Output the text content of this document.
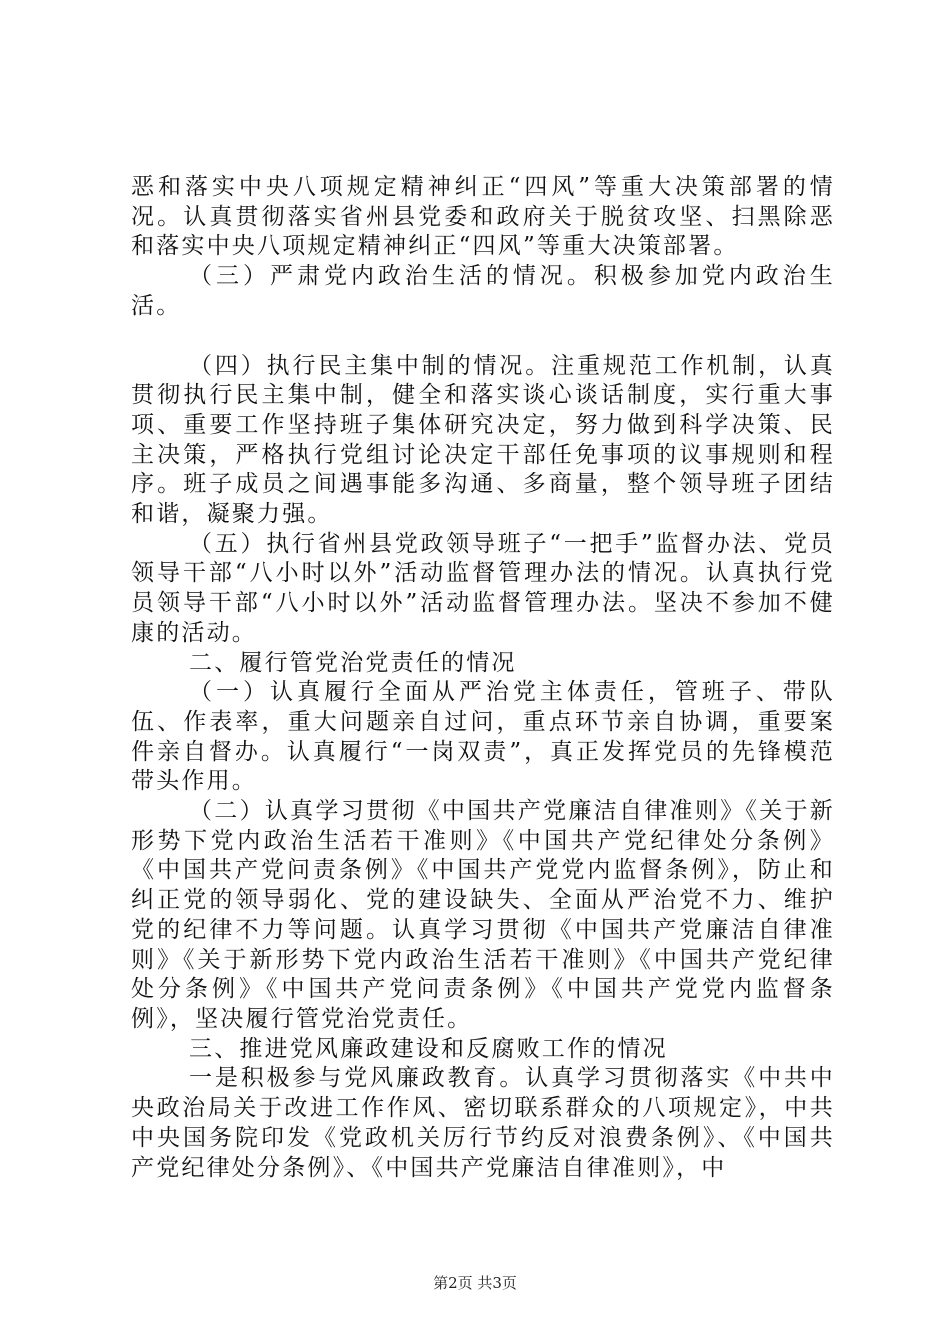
恶和落实中央八项规定精神纠正“四风”等重大决策部署的情况。认真贯彻落实省州县党委和政府关于脱贫攻坚、扫黑除恶和落实中央八项规定精神纠正“四风”等重大决策部署。

（三）严肃党内政治生活的情况。积极参加党内政治生活。

（四）执行民主集中制的情况。注重规范工作机制，认真贯彻执行民主集中制，健全和落实谈心谈话制度，实行重大事项、重要工作坚持班子集体研究决定，努力做到科学决策、民主决策，严格执行党组讨论决定干部任免事项的议事规则和程序。班子成员之间遇事能多沟通、多商量，整个领导班子团结和谐，凝聚力强。

（五）执行省州县党政领导班子“一把手”监督办法、党员领导干部“八小时以外”活动监督管理办法的情况。认真执行党员领导干部“八小时以外”活动监督管理办法。坚决不参加不健康的活动。

二、履行管党治党责任的情况

（一）认真履行全面从严治党主体责任，管班子、带队伍、作表率，重大问题亲自过问，重点环节亲自协调，重要案件亲自督办。认真履行“一岗双责”，真正发挥党员的先锋模范带头作用。

（二）认真学习贯彻《中国共产党廉洁自律准则》《关于新形势下党内政治生活若干准则》《中国共产党纪律处分条例》《中国共产党问责条例》《中国共产党党内监督条例》，防止和纠正党的领导弱化、党的建设缺失、全面从严治党不力、维护党的纪律不力等问题。认真学习贯彻《中国共产党廉洁自律准则》《关于新形势下党内政治生活若干准则》《中国共产党纪律处分条例》《中国共产党问责条例》《中国共产党党内监督条例》，坚决履行管党治党责任。

三、推进党风廉政建设和反腐败工作的情况

一是积极参与党风廉政教育。认真学习贯彻落实《中共中央政治局关于改进工作作风、密切联系群众的八项规定》，中共中央国务院印发《党政机关厉行节约反对浪费条例》、《中国共产党纪律处分条例》、《中国共产党廉洁自律准则》，中

第2页 共3页
